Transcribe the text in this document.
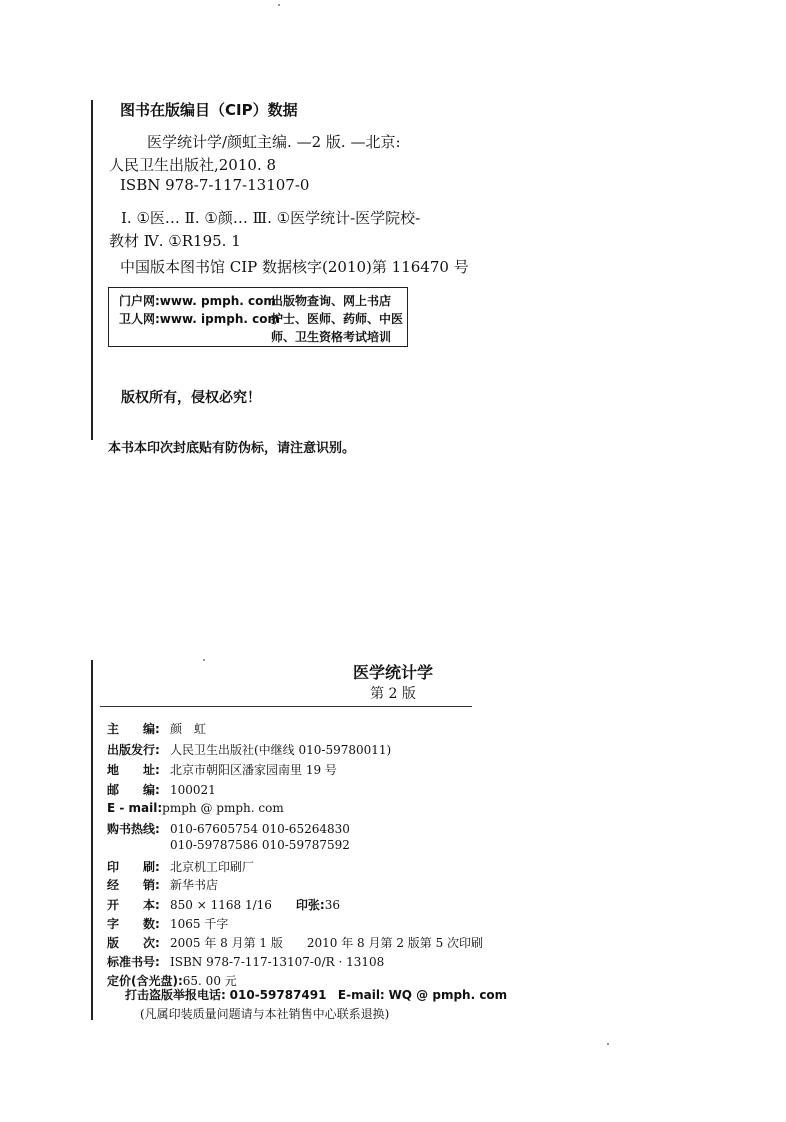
图书在版编目（CIP）数据
医学统计学/颜虹主编. —2 版. —北京:
人民卫生出版社,2010. 8
ISBN 978-7-117-13107-0
Ⅰ. ①医… Ⅱ. ①颜… Ⅲ. ①医学统计-医学院校-
教材 Ⅳ. ①R195. 1
中国版本图书馆 CIP 数据核字(2010)第 116470 号
门户网:www. pmph. com
出版物查询、网上书店
卫人网:www. ipmph. com
护士、医师、药师、中医
师、卫生资格考试培训
版权所有，侵权必究！
本书本印次封底贴有防伪标，请注意识别。
医学统计学
第 2 版
主　　编: 颜　虹
出版发行: 人民卫生出版社(中继线 010-59780011)
地　　址: 北京市朝阳区潘家园南里 19 号
邮　　编: 100021
E - mail:pmph @ pmph. com
购书热线: 010-67605754 010-65264830
010-59787586 010-59787592
印　　刷: 北京机工印刷厂
经　　销: 新华书店
开　　本: 850 × 1168 1/16 印张:36
字　　数: 1065 千字
版　　次: 2005 年 8 月第 1 版　　2010 年 8 月第 2 版第 5 次印刷
标准书号: ISBN 978-7-117-13107-0/R · 13108
定价(含光盘):65. 00 元
打击盗版举报电话: 010-59787491 E-mail: WQ @ pmph. com
(凡属印装质量问题请与本社销售中心联系退换)
